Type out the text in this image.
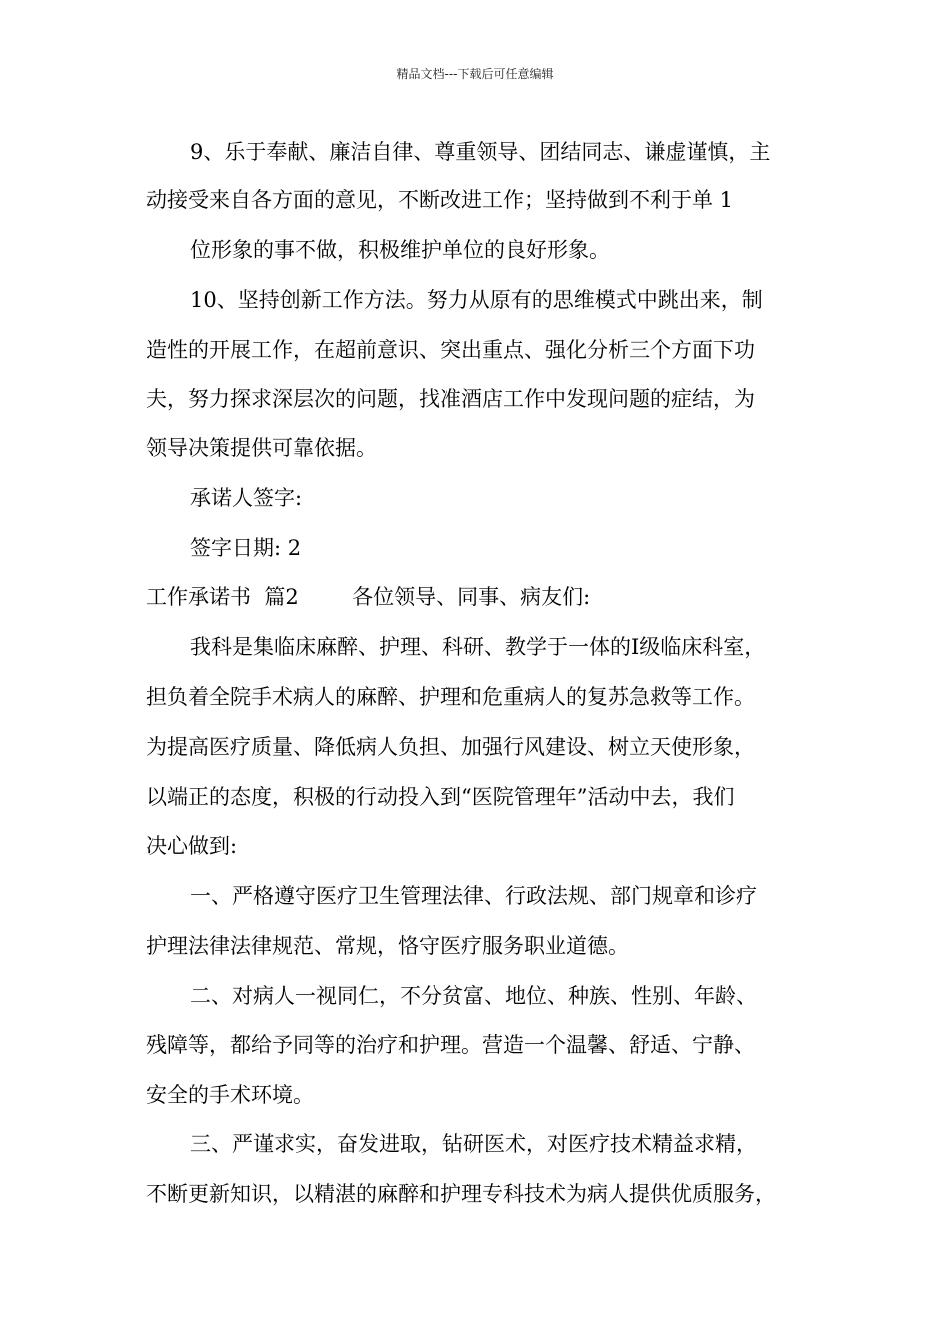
精品文档---下载后可任意编辑
9、乐于奉献、廉洁自律、尊重领导、团结同志、谦虚谨慎，主
动接受来自各方面的意见，不断改进工作；坚持做到不利于单 1
位形象的事不做，积极维护单位的良好形象。
10、坚持创新工作方法。努力从原有的思维模式中跳出来，制
造性的开展工作，在超前意识、突出重点、强化分析三个方面下功
夫，努力探求深层次的问题，找准酒店工作中发现问题的症结，为
领导决策提供可靠依据。
承诺人签字:
签字日期: 2
工作承诺书  篇2        各位领导、同事、病友们:
我科是集临床麻醉、护理、科研、教学于一体的Ⅰ级临床科室，
担负着全院手术病人的麻醉、护理和危重病人的复苏急救等工作。
为提高医疗质量、降低病人负担、加强行风建设、树立天使形象，
以端正的态度，积极的行动投入到“医院管理年”活动中去，我们
决心做到:
一、严格遵守医疗卫生管理法律、行政法规、部门规章和诊疗
护理法律法律规范、常规，恪守医疗服务职业道德。
二、对病人一视同仁，不分贫富、地位、种族、性别、年龄、
残障等，都给予同等的治疗和护理。营造一个温馨、舒适、宁静、
安全的手术环境。
三、严谨求实，奋发进取，钻研医术，对医疗技术精益求精，
不断更新知识，以精湛的麻醉和护理专科技术为病人提供优质服务，
